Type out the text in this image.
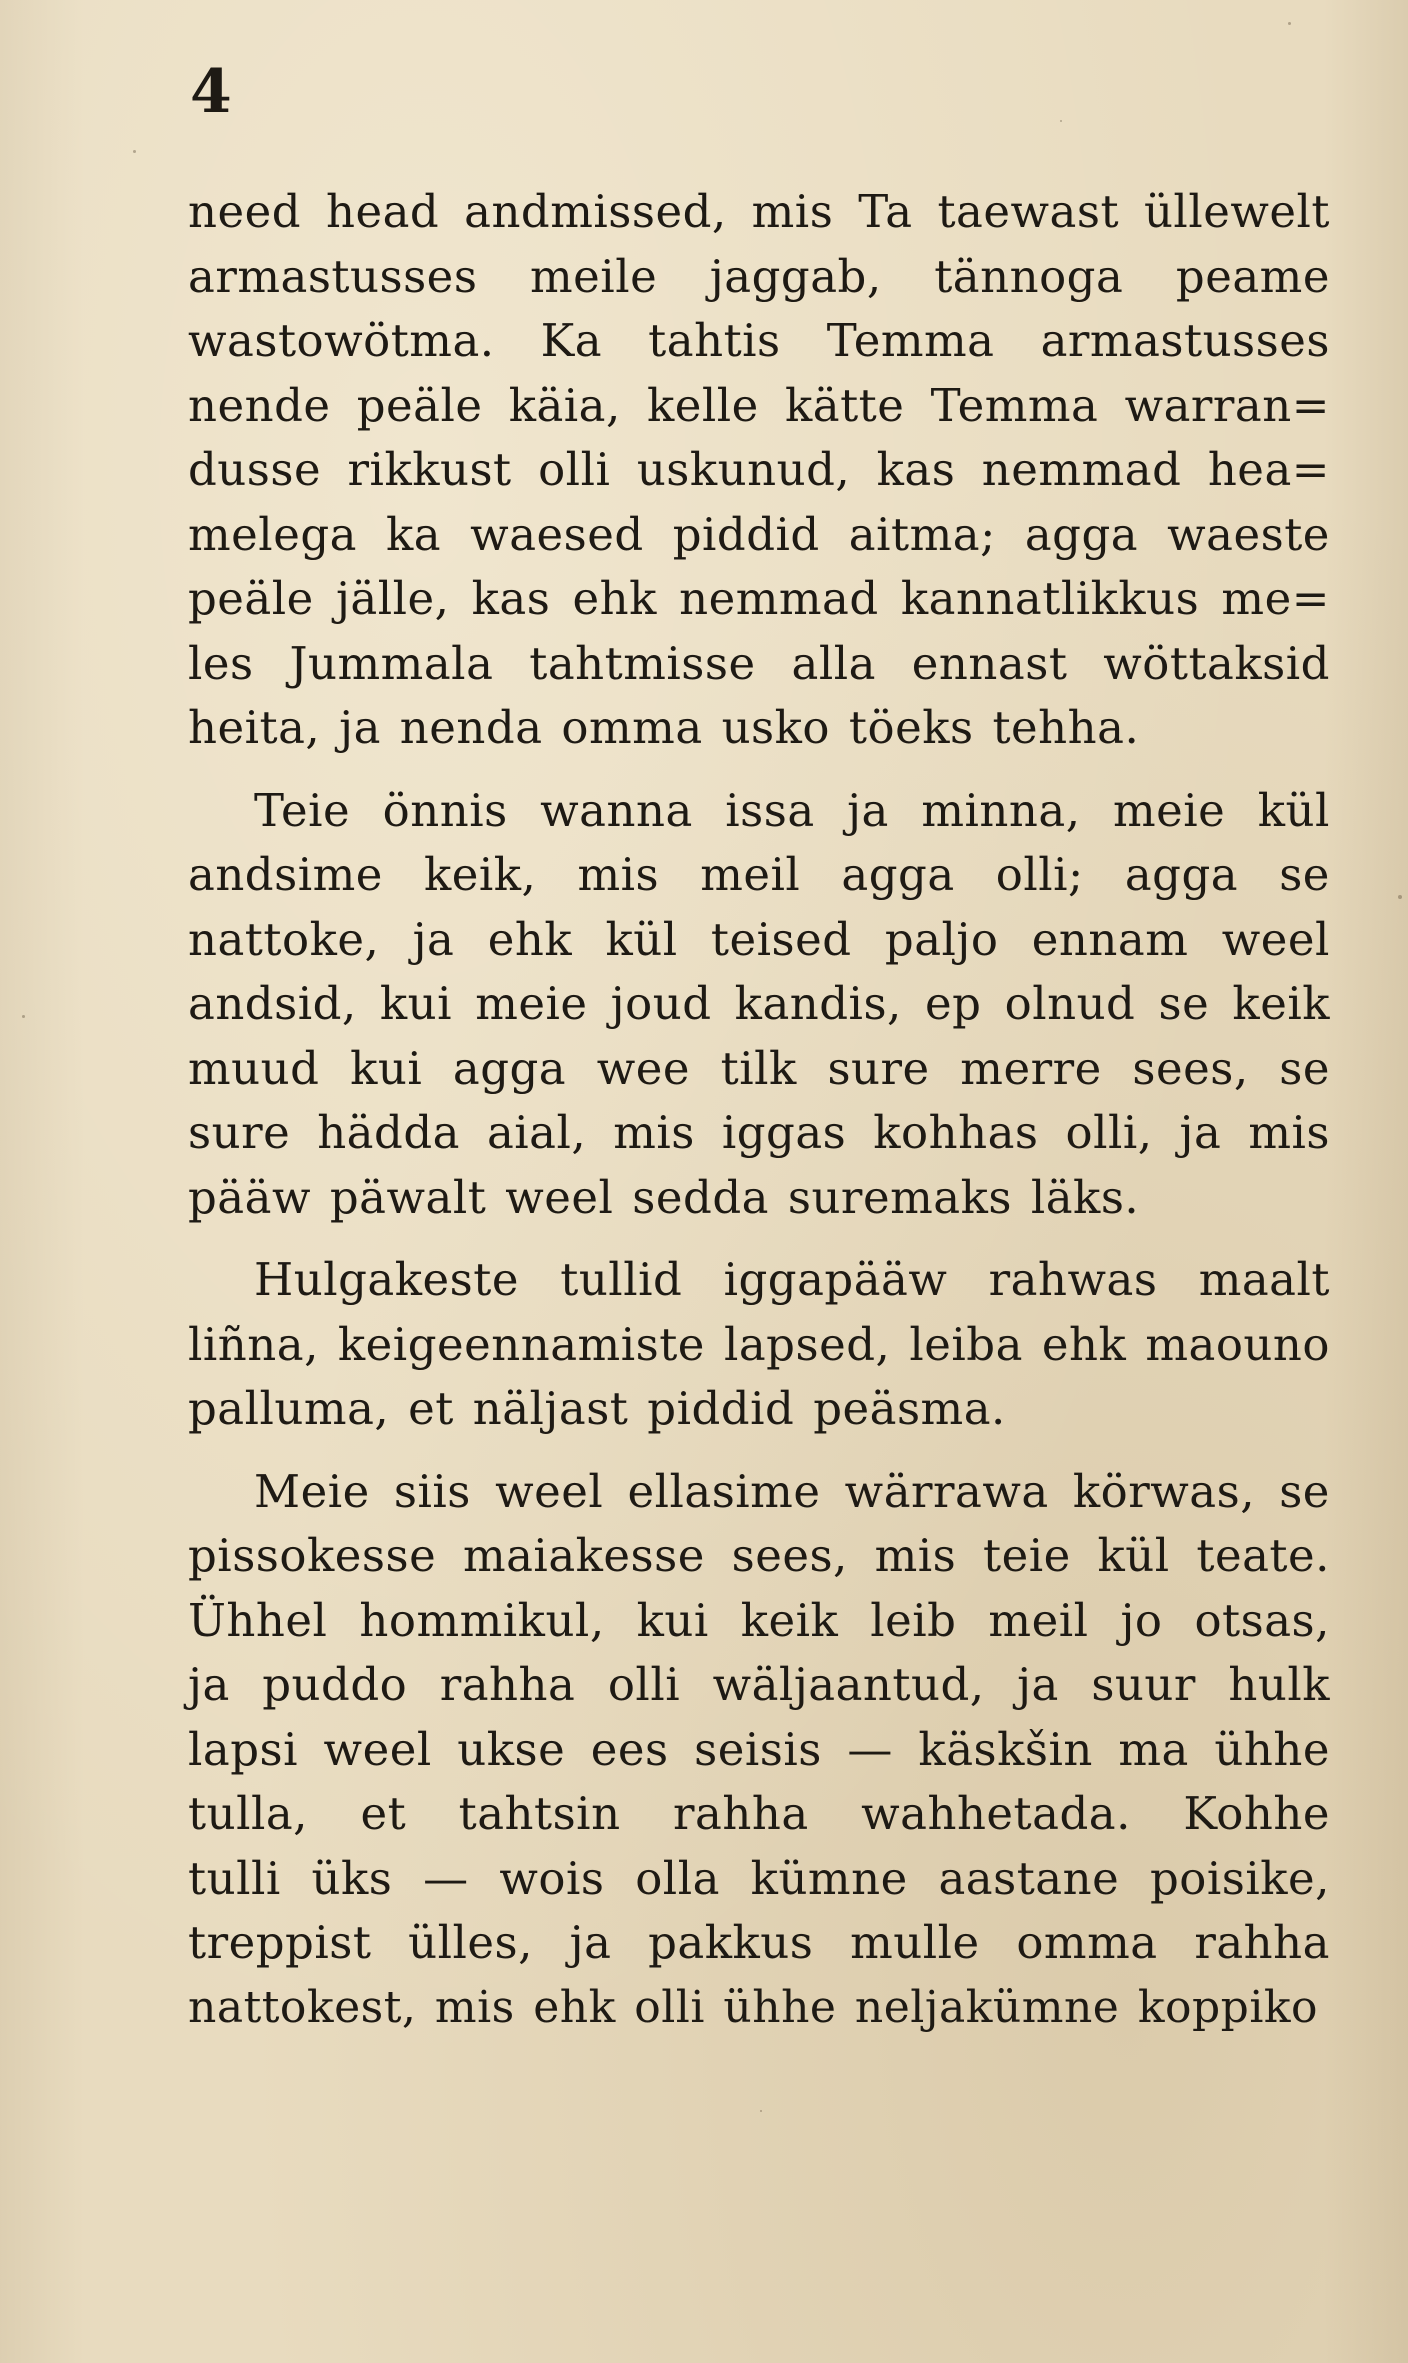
4
need head andmissed, mis Ta taewast üllewelt
armastusses meile jaggab, tännoga peame
wastowötma. Ka tahtis Temma armastusses
nende peäle käia, kelle kätte Temma warran=
dusse rikkust olli uskunud, kas nemmad hea=
melega ka waesed piddid aitma; agga waeste
peäle jälle, kas ehk nemmad kannatlikkus me=
les Jummala tahtmisse alla ennast wöttaksid
heita, ja nenda omma usko töeks tehha.
Teie önnis wanna issa ja minna, meie kül
andsime keik, mis meil agga olli; agga se
nattoke, ja ehk kül teised paljo ennam weel
andsid, kui meie joud kandis, ep olnud se keik
muud kui agga wee tilk sure merre sees, se
sure hädda aial, mis iggas kohhas olli, ja mis
pääw päwalt weel sedda suremaks läks.
Hulgakeste tullid iggapääw rahwas maalt
liñna, keigeennamiste lapsed, leiba ehk maouno
palluma, et näljast piddid peäsma.
Meie siis weel ellasime wärrawa körwas, se
pissokesse maiakesse sees, mis teie kül teate.
Ühhel hommikul, kui keik leib meil jo otsas,
ja puddo rahha olli wäljaantud, ja suur hulk
lapsi weel ukse ees seisis — käskšin ma ühhe
tulla, et tahtsin rahha wahhetada. Kohhe
tulli üks — wois olla kümne aastane poisike,
treppist ülles, ja pakkus mulle omma rahha
nattokest, mis ehk olli ühhe neljakümne koppiko
